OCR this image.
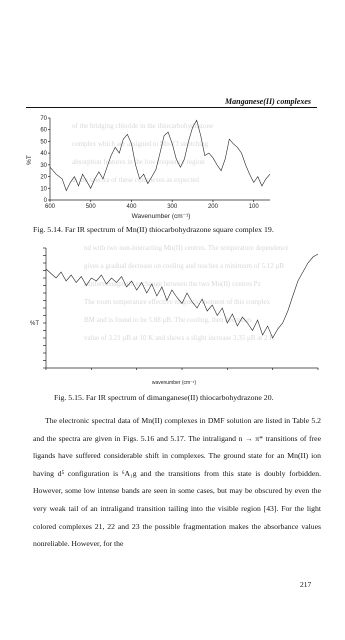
Manganese(II) complexes
of the bridging chloride in the thiocarbohydrazone
complex which are assigned to Mn-Cl stretching
absorption features in the low frequency region
in the spectra of these complexes as expected
70
60
50
40
30
20
10
0
600	500	400	300	200	100
%T
Wavenumber (cm⁻¹)
Fig. 5.14. Far IR spectrum of Mn(II) thiocarbohydrazone square complex 19.
nd with two non-interacting Mn(II) centres. The temperature dependence
gives a gradual decrease on cooling and reaches a minimum of 5.12 μB
antiferromagnetic exchange between the two Mn(II) centres Pz
The room temperature effective magnetic moment of this complex
BM and is found to be 5.88 μB. The cooling, then decreases
value of 3.21 μB at 10 K and shows a slight increase 3.35 μB at 2 K
%T
wavenumber (cm⁻¹)
Fig. 5.15. Far IR spectrum of dimanganese(II) thiocarbohydrazone 20.

The electronic spectral data of Mn(II) complexes in DMF solution are listed in Table 5.2 and the spectra are given in Figs. 5.16 and 5.17. The intraligand n → π* transitions of free ligands have suffered considerable shift in complexes. The ground state for an Mn(II) ion having d⁵ configuration is ⁶A₁g and the transitions from this state is doubly forbidden. However, some low intense bands are seen in some cases, but may be obscured by even the very weak tail of an intraligand transition tailing into the visible region [43]. For the light colored complexes 21, 22 and 23 the possible fragmentation makes the absorbance values nonreliable. However, for the

217
